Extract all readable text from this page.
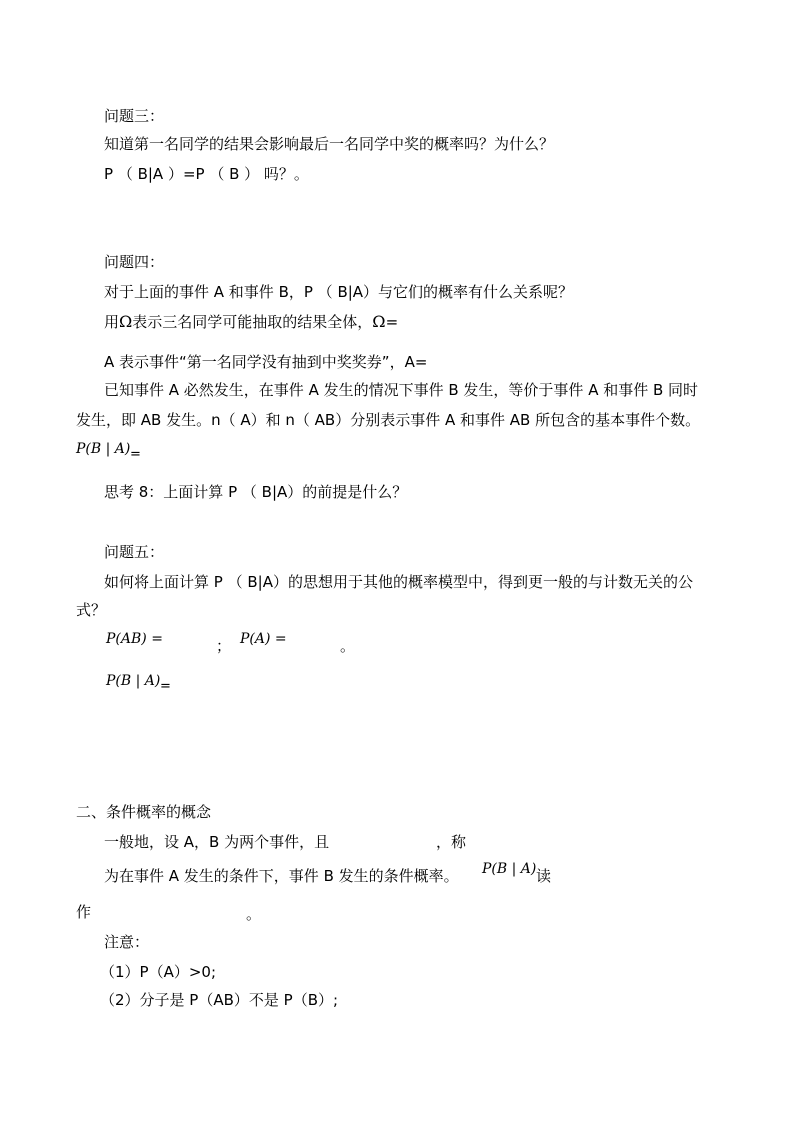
问题三：
知道第一名同学的结果会影响最后一名同学中奖的概率吗？为什么？
P （ B|A ）=P （ B ） 吗？。
问题四：
对于上面的事件 A 和事件 B，P （ B|A）与它们的概率有什么关系呢？
用Ω表示三名同学可能抽取的结果全体，Ω=
A 表示事件“第一名同学没有抽到中奖奖券”，A=
已知事件 A 必然发生，在事件 A 发生的情况下事件 B 发生，等价于事件 A 和事件 B 同时
发生，即 AB 发生。n（ A）和 n（ AB）分别表示事件 A 和事件 AB 所包含的基本事件个数。
P(B | A) =
思考 8：上面计算 P （ B|A）的前提是什么？
问题五：
如何将上面计算 P （ B|A）的思想用于其他的概率模型中，得到更一般的与计数无关的公
式？
P(AB) =	； P(A) =	。
P(B | A) =
二、条件概率的概念
一般地，设 A，B 为两个事件，且	，称
为在事件 A 发生的条件下，事件 B 发生的条件概率。 P(B | A) 读
作	。
注意：
（1）P（A）>0;
（2）分子是 P（AB）不是 P（B）;
